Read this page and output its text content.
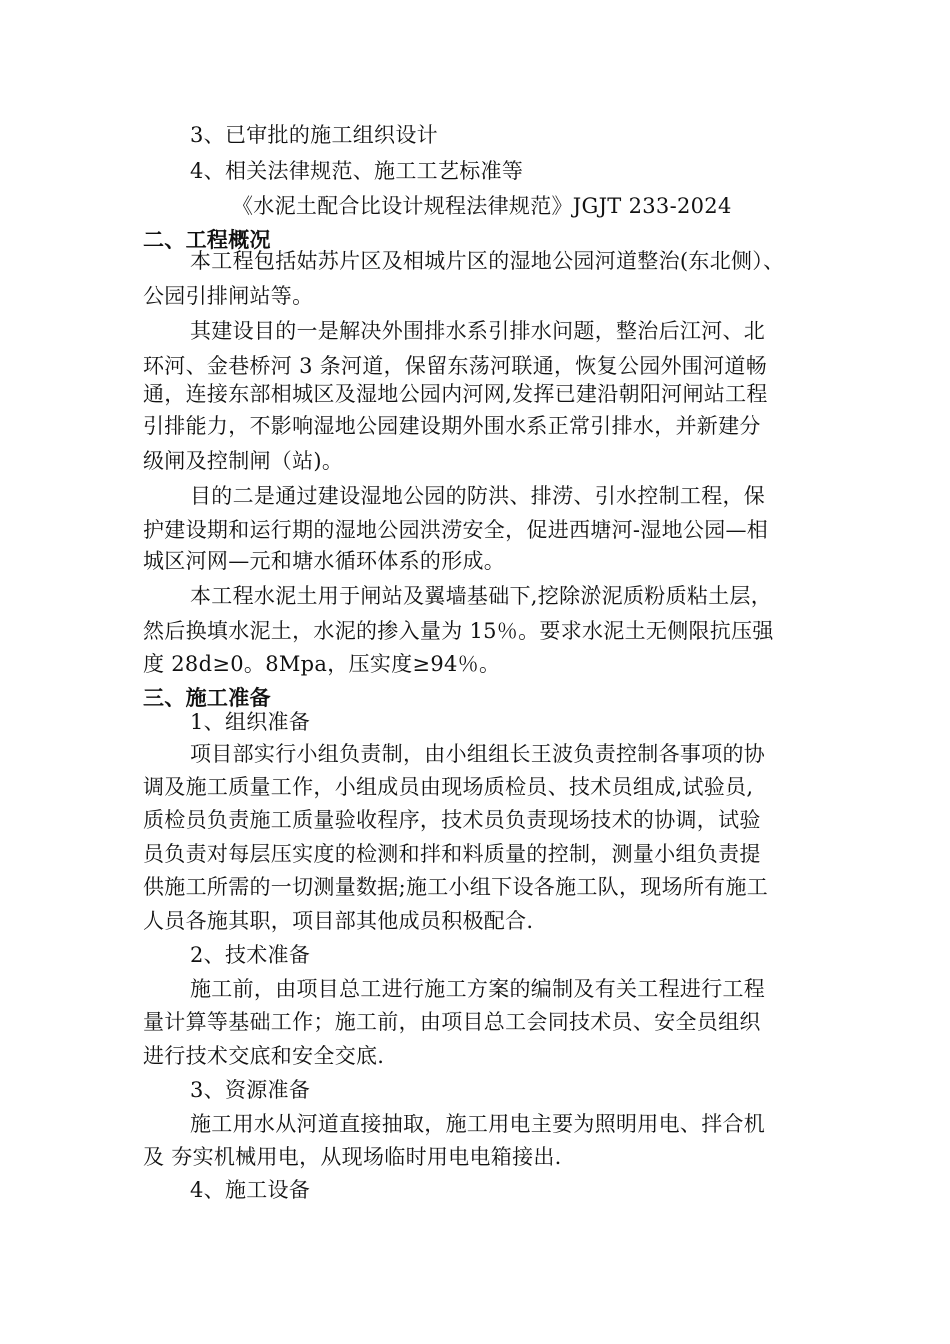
3、已审批的施工组织设计
4、相关法律规范、施工工艺标准等
《水泥土配合比设计规程法律规范》JGJT 233-2024
二、工程概况
本工程包括姑苏片区及相城片区的湿地公园河道整治(东北侧）、
公园引排闸站等。
其建设目的一是解决外围排水系引排水问题，整治后江河、北
环河、金巷桥河 3 条河道，保留东荡河联通，恢复公园外围河道畅
通，连接东部相城区及湿地公园内河网,发挥已建沿朝阳河闸站工程
引排能力，不影响湿地公园建设期外围水系正常引排水，并新建分
级闸及控制闸（站)。
目的二是通过建设湿地公园的防洪、排涝、引水控制工程，保
护建设期和运行期的湿地公园洪涝安全，促进西塘河-湿地公园—相
城区河网—元和塘水循环体系的形成。
本工程水泥土用于闸站及翼墙基础下,挖除淤泥质粉质粘土层，
然后换填水泥土，水泥的掺入量为 15％。要求水泥土无侧限抗压强
度 28d≥0。8Mpa，压实度≥94％。
三、施工准备
1、组织准备
项目部实行小组负责制，由小组组长王波负责控制各事项的协
调及施工质量工作，小组成员由现场质检员、技术员组成,试验员,
质检员负责施工质量验收程序，技术员负责现场技术的协调，试验
员负责对每层压实度的检测和拌和料质量的控制，测量小组负责提
供施工所需的一切测量数据;施工小组下设各施工队，现场所有施工
人员各施其职，项目部其他成员积极配合.
2、技术准备
施工前，由项目总工进行施工方案的编制及有关工程进行工程
量计算等基础工作；施工前，由项目总工会同技术员、安全员组织
进行技术交底和安全交底.
3、资源准备
施工用水从河道直接抽取，施工用电主要为照明用电、拌合机
及 夯实机械用电，从现场临时用电电箱接出.
4、施工设备
